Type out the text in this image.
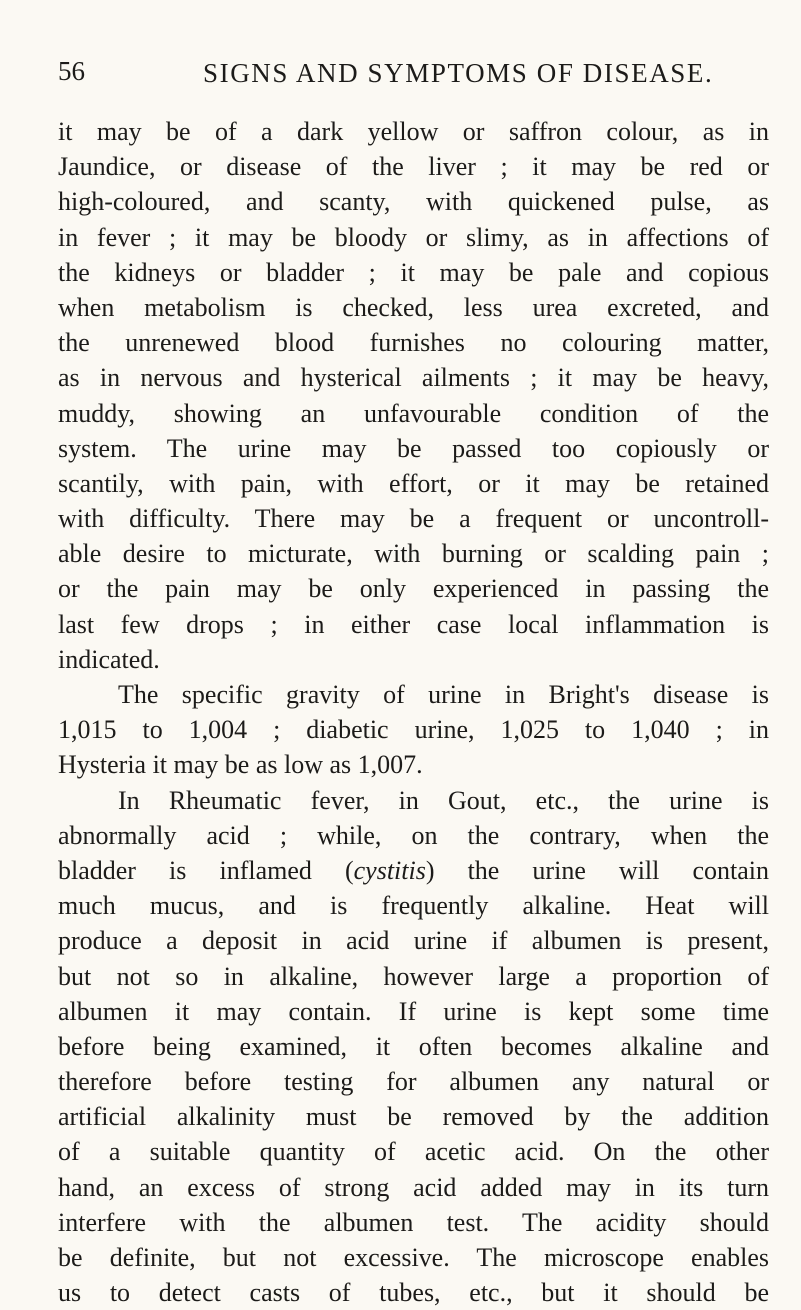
56	SIGNS AND SYMPTOMS OF DISEASE.
it may be of a dark yellow or saffron colour, as in
Jaundice, or disease of the liver ; it may be red or
high-coloured, and scanty, with quickened pulse, as
in fever ; it may be bloody or slimy, as in affections of
the kidneys or bladder ; it may be pale and copious
when metabolism is checked, less urea excreted, and
the unrenewed blood furnishes no colouring matter,
as in nervous and hysterical ailments ; it may be heavy,
muddy, showing an unfavourable condition of the
system. The urine may be passed too copiously or
scantily, with pain, with effort, or it may be retained
with difficulty. There may be a frequent or uncontroll-
able desire to micturate, with burning or scalding pain ;
or the pain may be only experienced in passing the
last few drops ; in either case local inflammation is
indicated.
The specific gravity of urine in Bright's disease is
1,015 to 1,004 ; diabetic urine, 1,025 to 1,040 ; in
Hysteria it may be as low as 1,007.
In Rheumatic fever, in Gout, etc., the urine is
abnormally acid ; while, on the contrary, when the
bladder is inflamed (cystitis) the urine will contain
much mucus, and is frequently alkaline. Heat will
produce a deposit in acid urine if albumen is present,
but not so in alkaline, however large a proportion of
albumen it may contain. If urine is kept some time
before being examined, it often becomes alkaline and
therefore before testing for albumen any natural or
artificial alkalinity must be removed by the addition
of a suitable quantity of acetic acid. On the other
hand, an excess of strong acid added may in its turn
interfere with the albumen test. The acidity should
be definite, but not excessive. The microscope enables
us to detect casts of tubes, etc., but it should be
